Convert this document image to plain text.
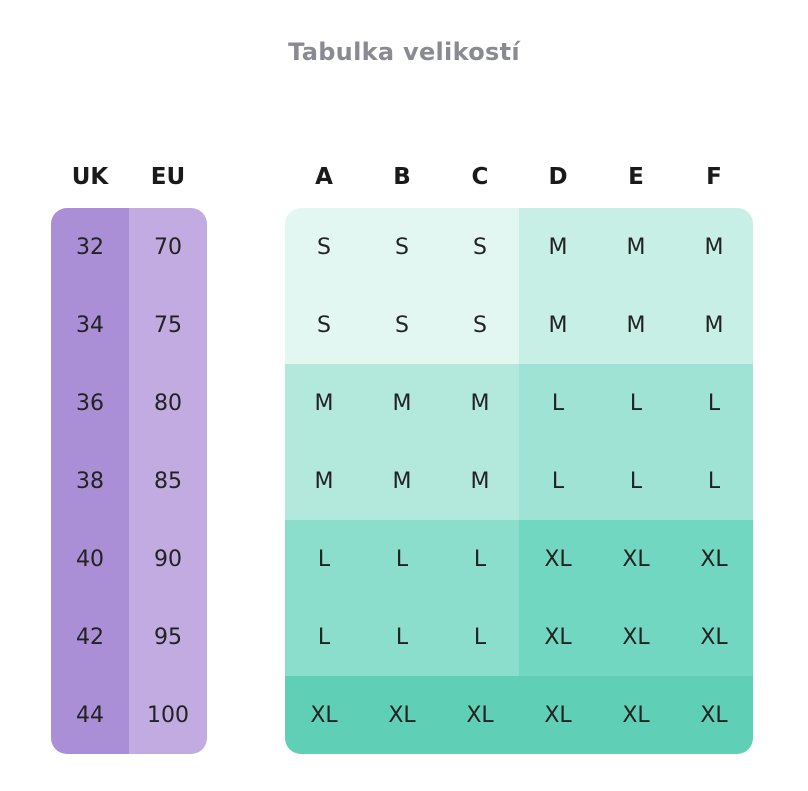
Tabulka velikostí
UK	EU		A	B	C	D	E	F
32	70		S	S	S	M	M	M
34	75		S	S	S	M	M	M
36	80		M	M	M	L	L	L
38	85		M	M	M	L	L	L
40	90		L	L	L	XL	XL	XL
42	95		L	L	L	XL	XL	XL
44	100		XL	XL	XL	XL	XL	XL
